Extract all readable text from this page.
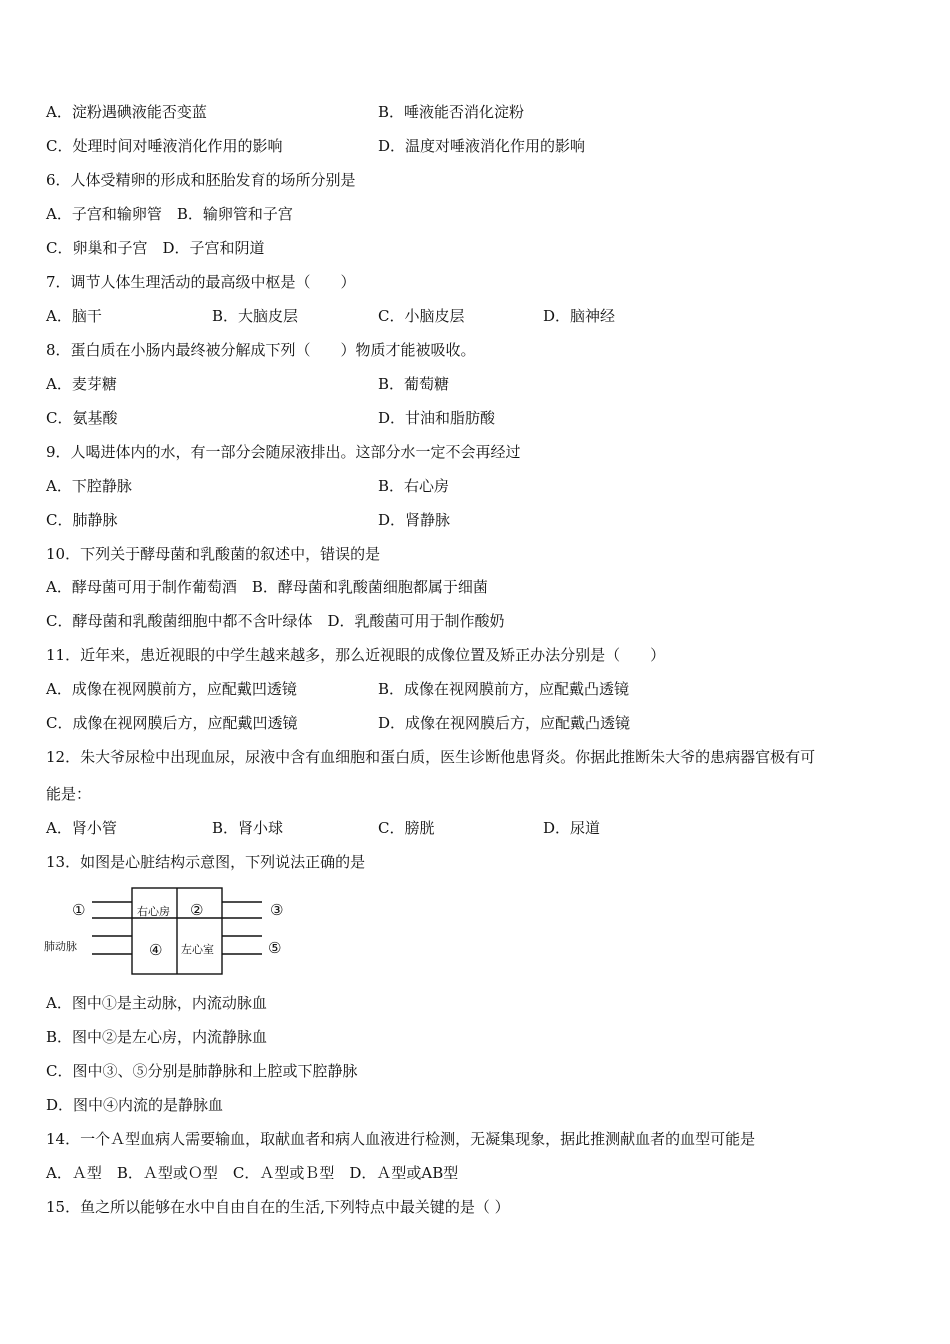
A．淀粉遇碘液能否变蓝	B．唾液能否消化淀粉
C．处理时间对唾液消化作用的影响	D．温度对唾液消化作用的影响
6．人体受精卵的形成和胚胎发育的场所分别是
A．子宫和输卵管　B．输卵管和子宫
C．卵巢和子宫　D．子宫和阴道
7．调节人体生理活动的最高级中枢是（　　）
A．脑干	B．大脑皮层	C．小脑皮层	D．脑神经
8．蛋白质在小肠内最终被分解成下列（　　）物质才能被吸收。
A．麦芽糖	B．葡萄糖
C．氨基酸	D．甘油和脂肪酸
9．人喝进体内的水，有一部分会随尿液排出。这部分水一定不会再经过
A．下腔静脉	B．右心房
C．肺静脉	D．肾静脉
10．下列关于酵母菌和乳酸菌的叙述中，错误的是
A．酵母菌可用于制作葡萄酒　B．酵母菌和乳酸菌细胞都属于细菌
C．酵母菌和乳酸菌细胞中都不含叶绿体　D．乳酸菌可用于制作酸奶
11．近年来，患近视眼的中学生越来越多，那么近视眼的成像位置及矫正办法分别是（　　）
A．成像在视网膜前方，应配戴凹透镜	B．成像在视网膜前方，应配戴凸透镜
C．成像在视网膜后方，应配戴凹透镜	D．成像在视网膜后方，应配戴凸透镜
12．朱大爷尿检中出现血尿，尿液中含有血细胞和蛋白质，医生诊断他患肾炎。你据此推断朱大爷的患病器官极有可
能是：
A．肾小管	B．肾小球	C．膀胱	D．尿道
13．如图是心脏结构示意图，下列说法正确的是
①	右心房 ②	③
肺动脉	④ 左心室	⑤
A．图中①是主动脉，内流动脉血
B．图中②是左心房，内流静脉血
C．图中③、⑤分别是肺静脉和上腔或下腔静脉
D．图中④内流的是静脉血
14．一个Ａ型血病人需要输血，取献血者和病人血液进行检测，无凝集现象，据此推测献血者的血型可能是
A．Ａ型　B．Ａ型或Ｏ型　C．Ａ型或Ｂ型　D．Ａ型或AB型
15．鱼之所以能够在水中自由自在的生活,下列特点中最关键的是（ ）
